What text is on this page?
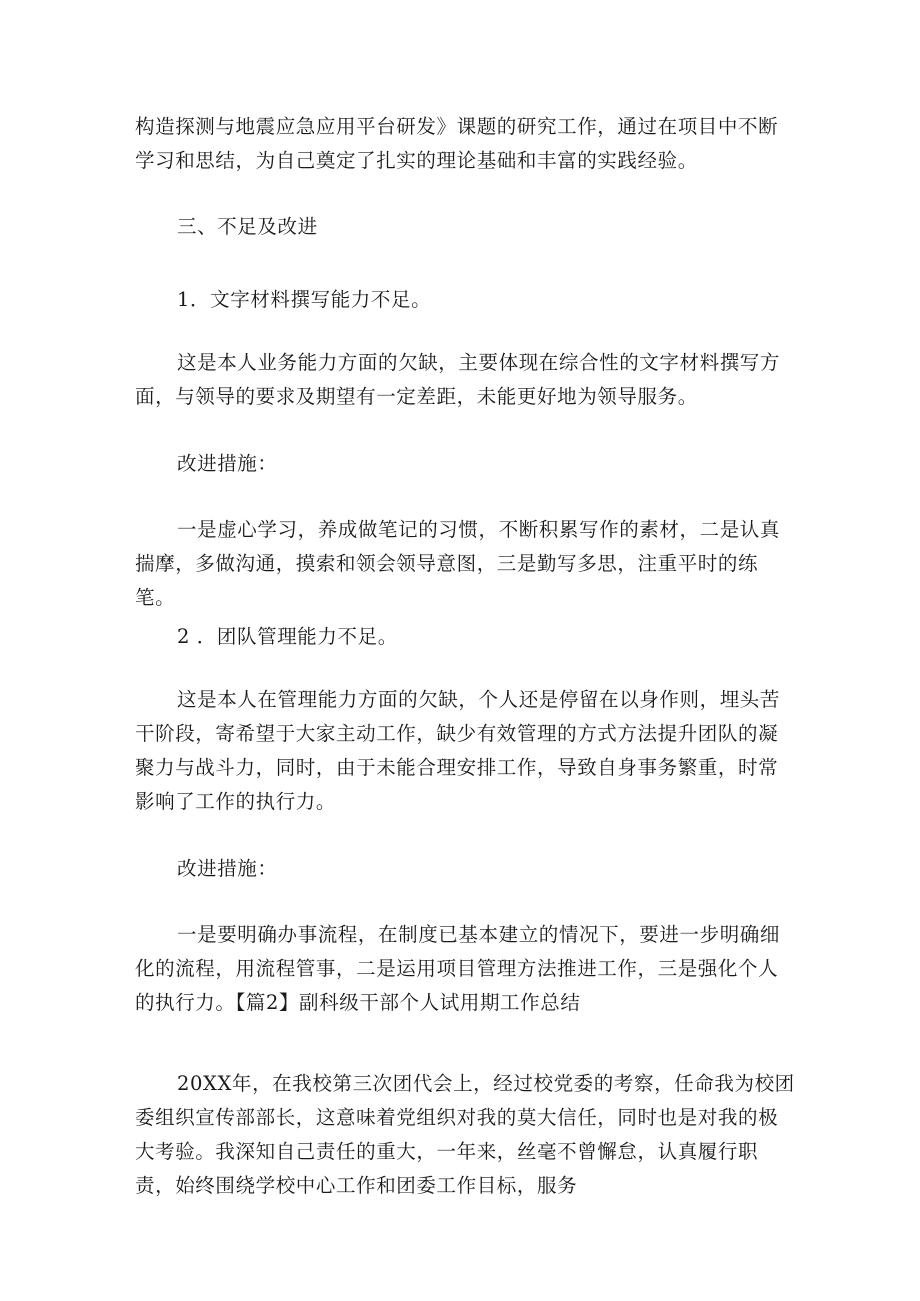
构造探测与地震应急应用平台研发》课题的研究工作，通过在项目中不断学习和思结，为自己奠定了扎实的理论基础和丰富的实践经验。

三、不足及改进

1．文字材料撰写能力不足。

这是本人业务能力方面的欠缺，主要体现在综合性的文字材料撰写方面，与领导的要求及期望有一定差距，未能更好地为领导服务。

改进措施：

一是虚心学习，养成做笔记的习惯，不断积累写作的素材，二是认真揣摩，多做沟通，摸索和领会领导意图，三是勤写多思，注重平时的练笔。

2 ．团队管理能力不足。

这是本人在管理能力方面的欠缺，个人还是停留在以身作则，埋头苦干阶段，寄希望于大家主动工作，缺少有效管理的方式方法提升团队的凝聚力与战斗力，同时，由于未能合理安排工作，导致自身事务繁重，时常影响了工作的执行力。

改进措施：

一是要明确办事流程，在制度已基本建立的情况下，要进一步明确细化的流程，用流程管事，二是运用项目管理方法推进工作，三是强化个人的执行力。【篇2】副科级干部个人试用期工作总结

20XX年，在我校第三次团代会上，经过校党委的考察，任命我为校团委组织宣传部部长，这意味着党组织对我的莫大信任，同时也是对我的极大考验。我深知自己责任的重大，一年来，丝毫不曾懈怠，认真履行职责，始终围绕学校中心工作和团委工作目标，服务
